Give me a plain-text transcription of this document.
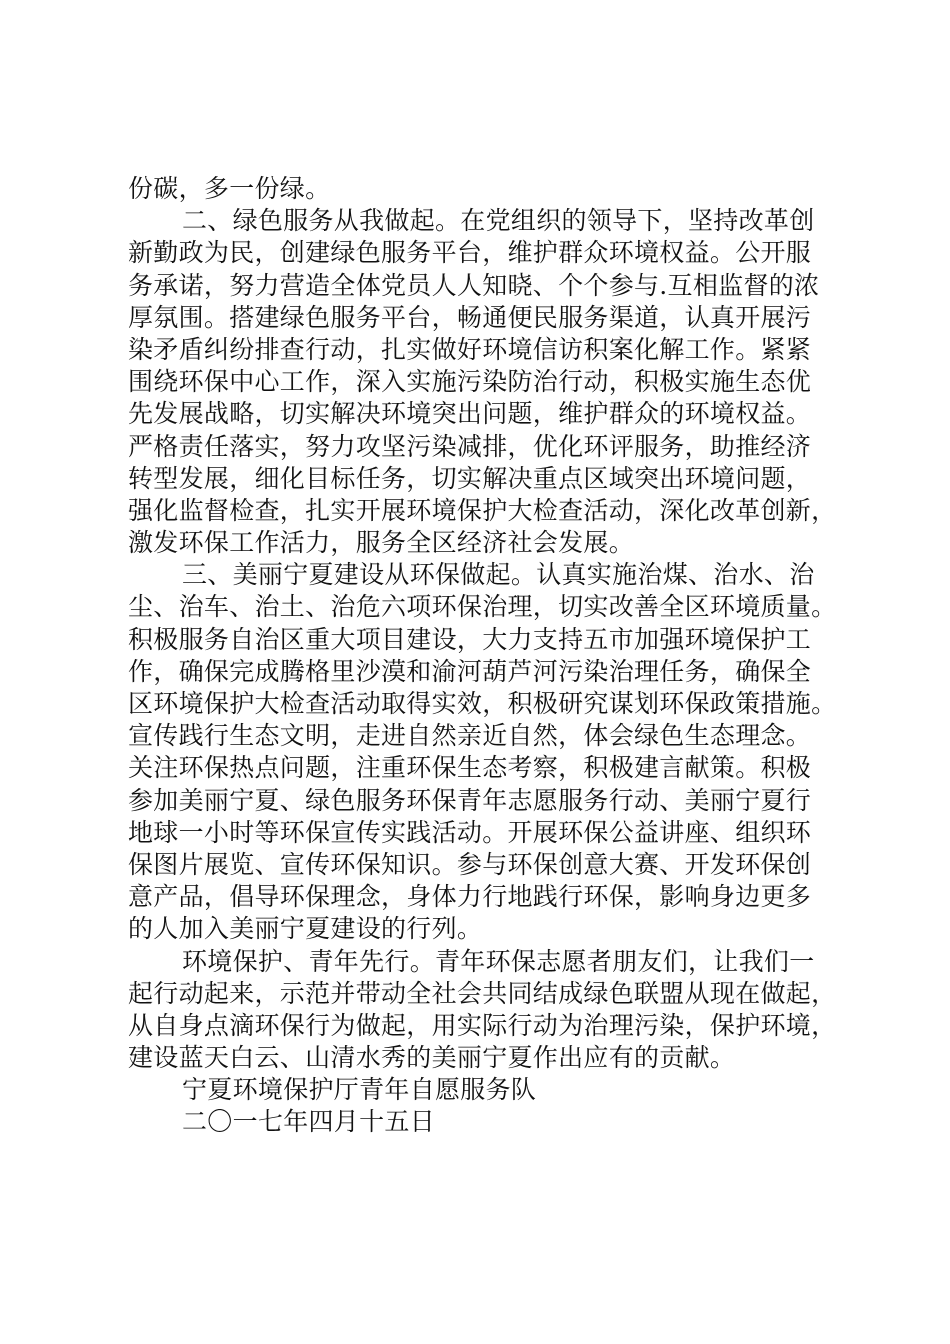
份碳，多一份绿。
二、绿色服务从我做起。在党组织的领导下，坚持改革创
新勤政为民，创建绿色服务平台，维护群众环境权益。公开服
务承诺，努力营造全体党员人人知晓、个个参与.互相监督的浓
厚氛围。搭建绿色服务平台，畅通便民服务渠道，认真开展污
染矛盾纠纷排查行动，扎实做好环境信访积案化解工作。紧紧
围绕环保中心工作，深入实施污染防治行动，积极实施生态优
先发展战略，切实解决环境突出问题，维护群众的环境权益。
严格责任落实，努力攻坚污染减排，优化环评服务，助推经济
转型发展，细化目标任务，切实解决重点区域突出环境问题，
强化监督检查，扎实开展环境保护大检查活动，深化改革创新，
激发环保工作活力，服务全区经济社会发展。
三、美丽宁夏建设从环保做起。认真实施治煤、治水、治
尘、治车、治土、治危六项环保治理，切实改善全区环境质量。
积极服务自治区重大项目建设，大力支持五市加强环境保护工
作，确保完成腾格里沙漠和渝河葫芦河污染治理任务，确保全
区环境保护大检查活动取得实效，积极研究谋划环保政策措施。
宣传践行生态文明，走进自然亲近自然，体会绿色生态理念。
关注环保热点问题，注重环保生态考察，积极建言献策。积极
参加美丽宁夏、绿色服务环保青年志愿服务行动、美丽宁夏行
地球一小时等环保宣传实践活动。开展环保公益讲座、组织环
保图片展览、宣传环保知识。参与环保创意大赛、开发环保创
意产品，倡导环保理念，身体力行地践行环保，影响身边更多
的人加入美丽宁夏建设的行列。
环境保护、青年先行。青年环保志愿者朋友们，让我们一
起行动起来，示范并带动全社会共同结成绿色联盟从现在做起，
从自身点滴环保行为做起，用实际行动为治理污染，保护环境，
建设蓝天白云、山清水秀的美丽宁夏作出应有的贡献。
宁夏环境保护厅青年自愿服务队
二〇一七年四月十五日
